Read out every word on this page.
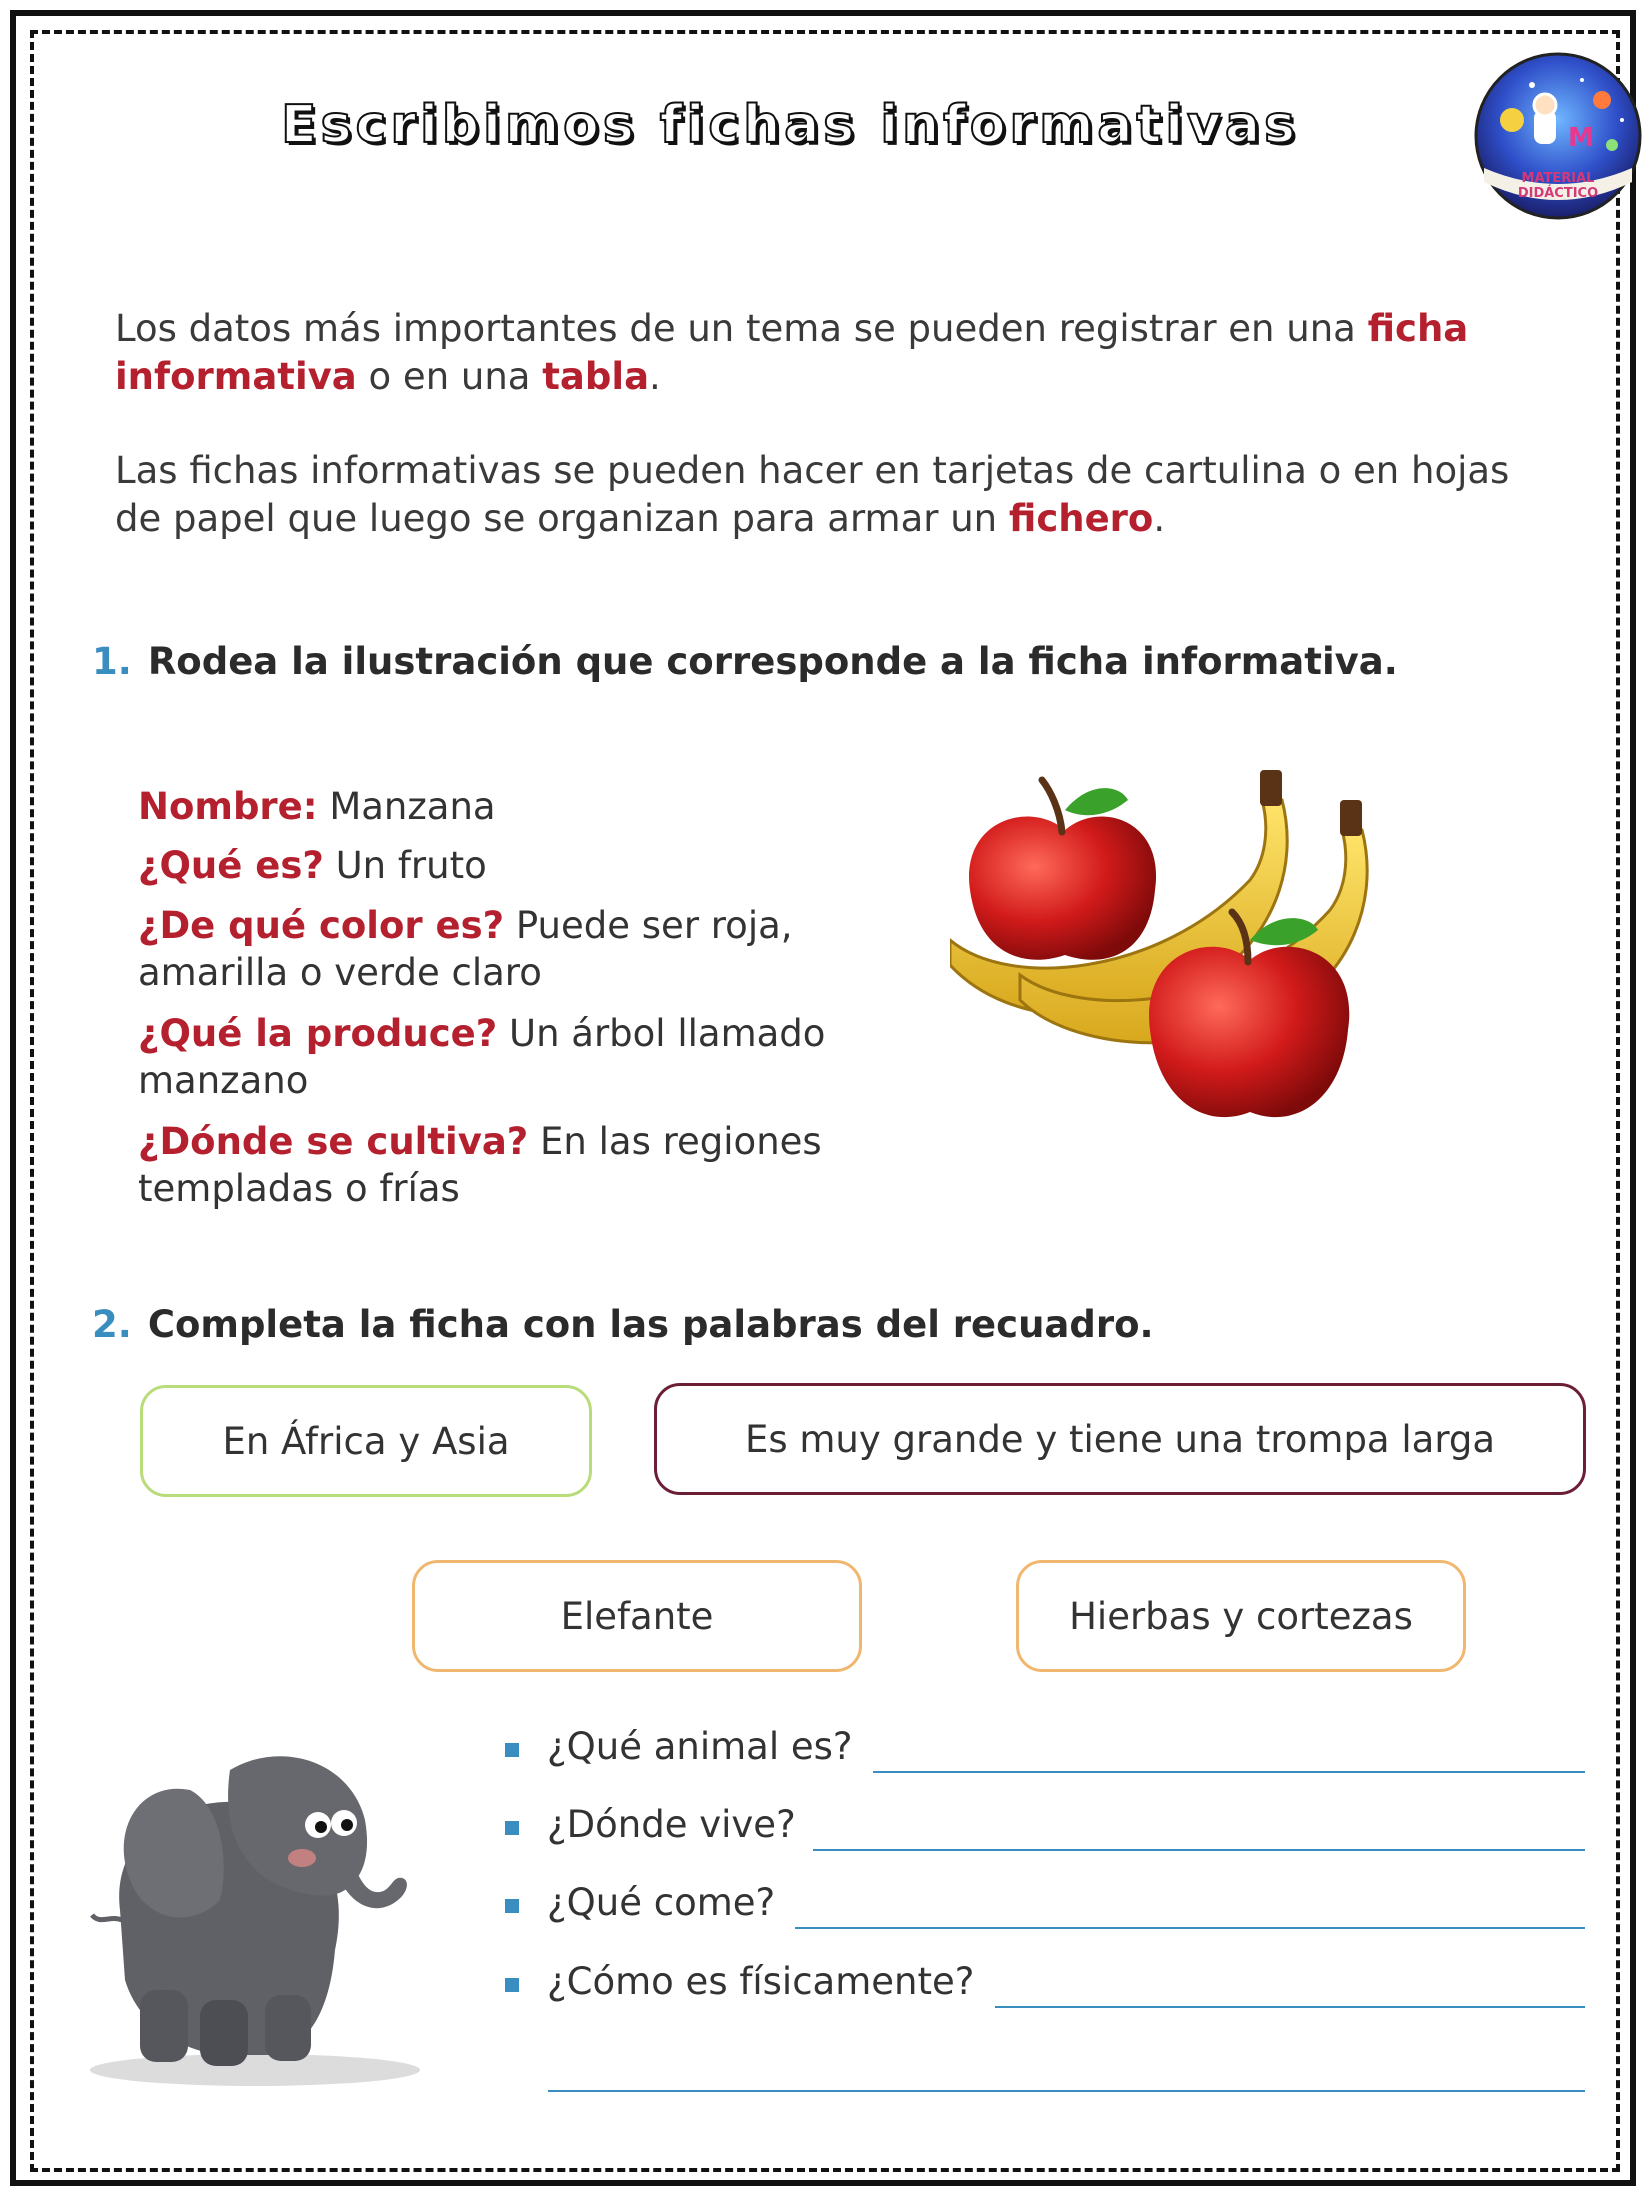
Escribimos fichas informativas	M
MATERIAL
DIDÁCTICO
Los datos más importantes de un tema se pueden registrar en una ficha informativa o en una tabla.
Las fichas informativas se pueden hacer en tarjetas de cartulina o en hojas de papel que luego se organizan para armar un fichero.
1. Rodea la ilustración que corresponde a la ficha informativa.
Nombre: Manzana
¿Qué es? Un fruto
¿De qué color es? Puede ser roja, amarilla o verde claro
¿Qué la produce? Un árbol llamado manzano
¿Dónde se cultiva? En las regiones templadas o frías
2. Completa la ficha con las palabras del recuadro.
En África y Asia	Es muy grande y tiene una trompa larga
Elefante	Hierbas y cortezas
¿Qué animal es?
¿Dónde vive?
¿Qué come?
¿Cómo es físicamente?
